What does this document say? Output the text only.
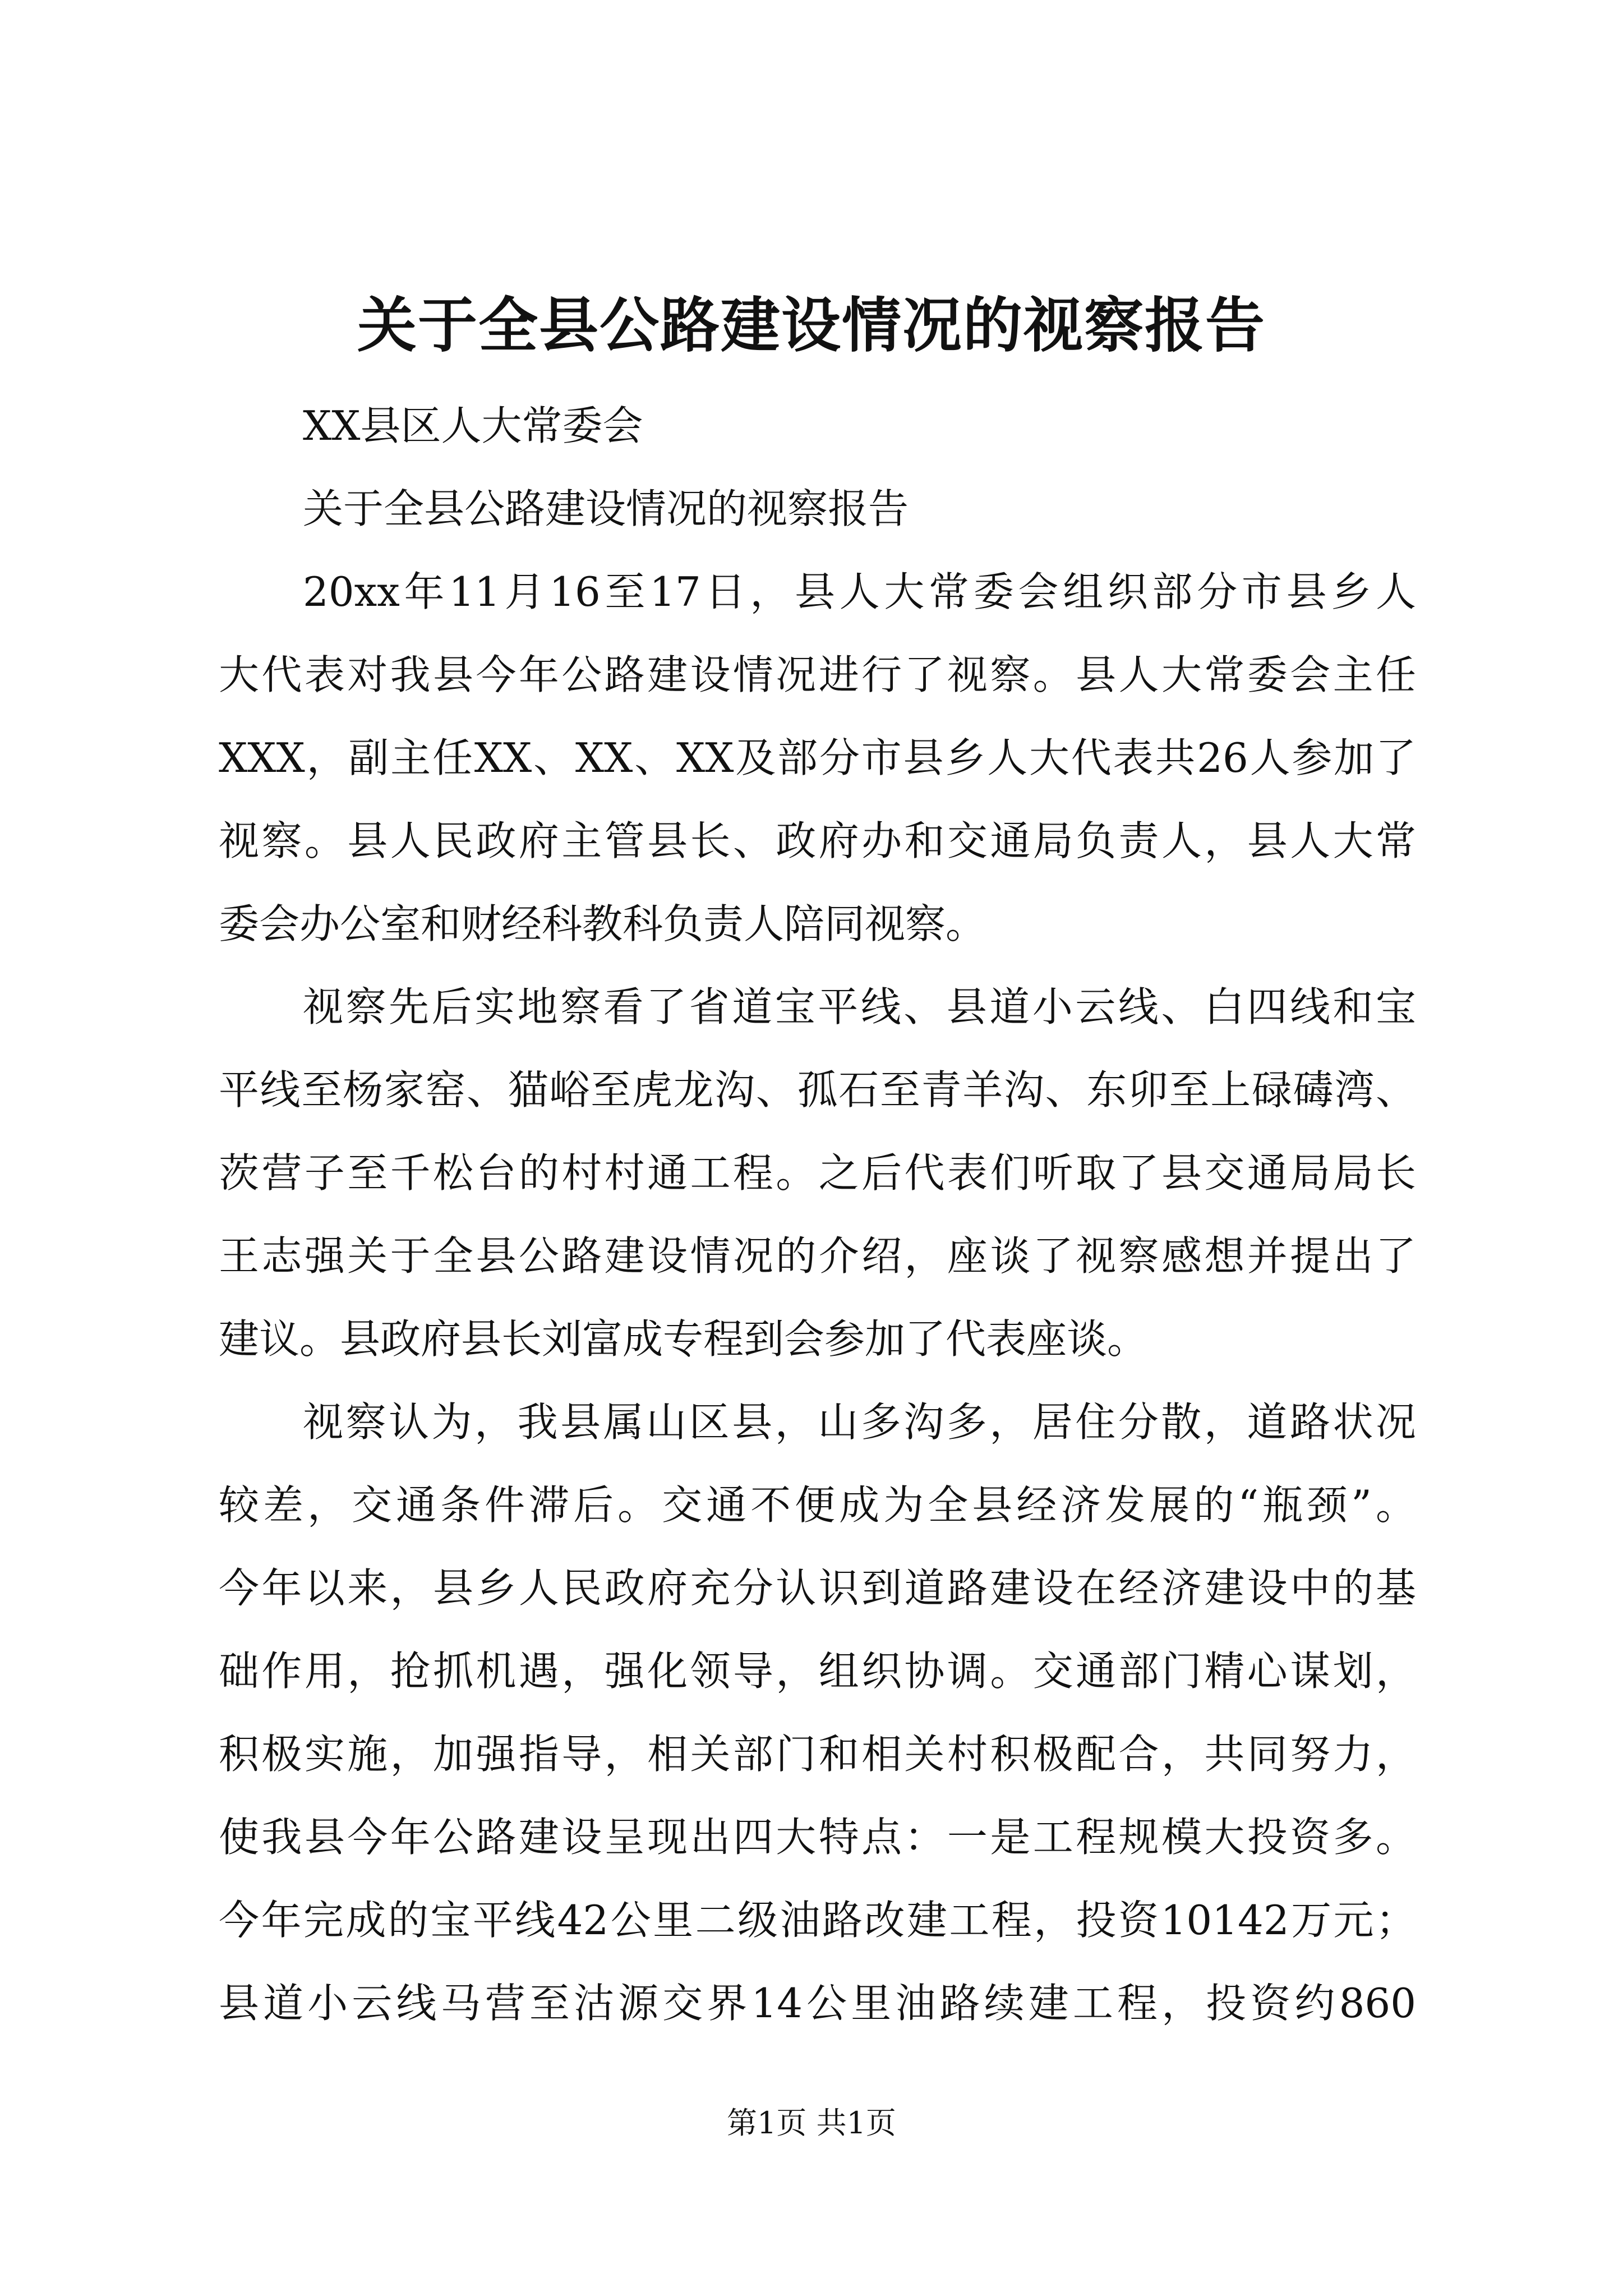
关于全县公路建设情况的视察报告
XX县区人大常委会
关于全县公路建设情况的视察报告
20xx年11月16至17日，县人大常委会组织部分市县乡人
大代表对我县今年公路建设情况进行了视察。县人大常委会主任
XXX，副主任XX、XX、XX及部分市县乡人大代表共26人参加了
视察。县人民政府主管县长、政府办和交通局负责人，县人大常
委会办公室和财经科教科负责人陪同视察。
视察先后实地察看了省道宝平线、县道小云线、白四线和宝
平线至杨家窑、猫峪至虎龙沟、孤石至青羊沟、东卯至上碌碡湾、
茨营子至千松台的村村通工程。之后代表们听取了县交通局局长
王志强关于全县公路建设情况的介绍，座谈了视察感想并提出了
建议。县政府县长刘富成专程到会参加了代表座谈。
视察认为，我县属山区县，山多沟多，居住分散，道路状况
较差，交通条件滞后。交通不便成为全县经济发展的“瓶颈”。
今年以来，县乡人民政府充分认识到道路建设在经济建设中的基
础作用，抢抓机遇，强化领导，组织协调。交通部门精心谋划，
积极实施，加强指导，相关部门和相关村积极配合，共同努力，
使我县今年公路建设呈现出四大特点：一是工程规模大投资多。
今年完成的宝平线42公里二级油路改建工程，投资10142万元；
县道小云线马营至沽源交界14公里油路续建工程，投资约860
第1页 共1页
